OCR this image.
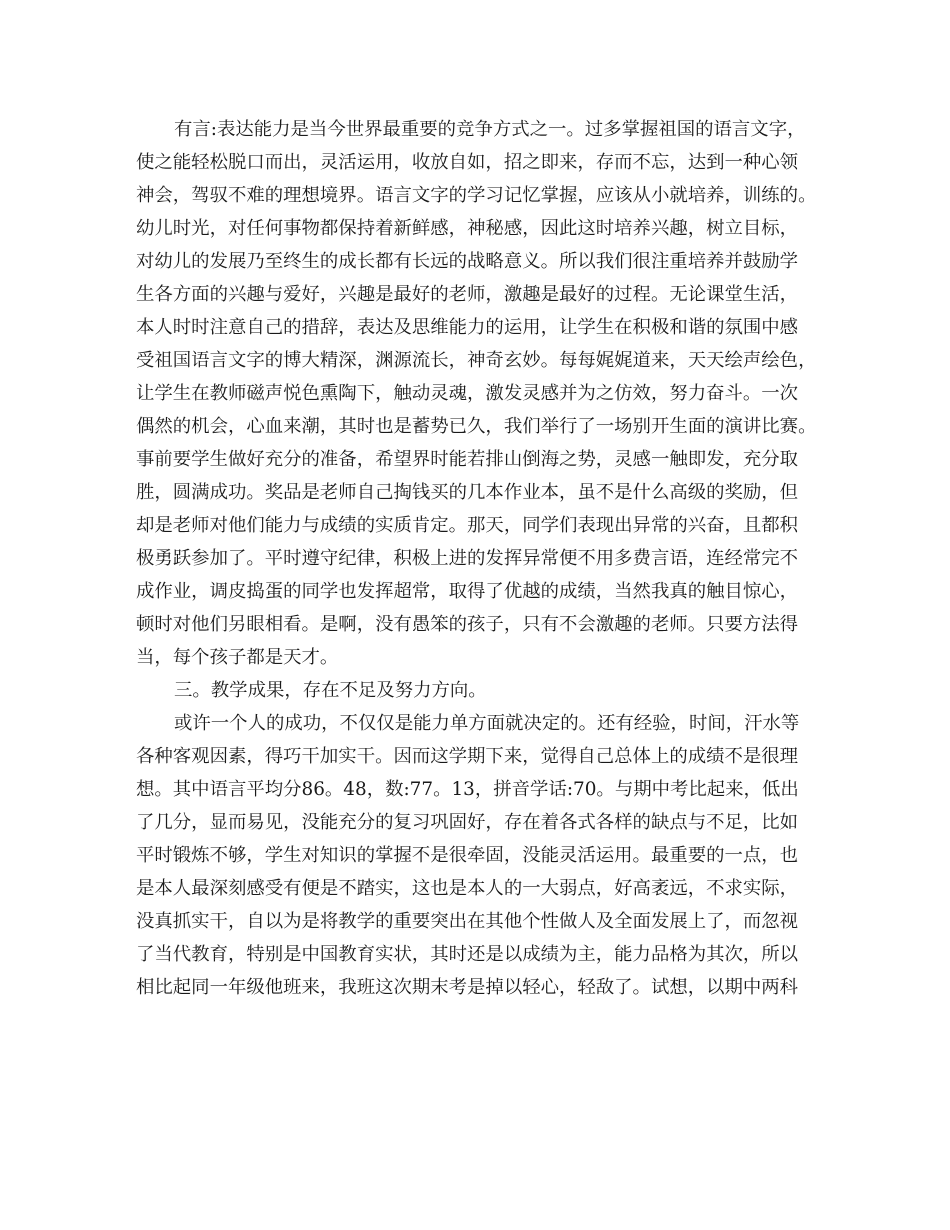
有言:表达能力是当今世界最重要的竞争方式之一。过多掌握祖国的语言文字，
使之能轻松脱口而出，灵活运用，收放自如，招之即来，存而不忘，达到一种心领
神会，驾驭不难的理想境界。语言文字的学习记忆掌握，应该从小就培养，训练的。
幼儿时光，对任何事物都保持着新鲜感，神秘感，因此这时培养兴趣，树立目标，
对幼儿的发展乃至终生的成长都有长远的战略意义。所以我们很注重培养并鼓励学
生各方面的兴趣与爱好，兴趣是最好的老师，激趣是最好的过程。无论课堂生活，
本人时时注意自己的措辞，表达及思维能力的运用，让学生在积极和谐的氛围中感
受祖国语言文字的博大精深，渊源流长，神奇玄妙。每每娓娓道来，天天绘声绘色，
让学生在教师磁声悦色熏陶下，触动灵魂，激发灵感并为之仿效，努力奋斗。一次
偶然的机会，心血来潮，其时也是蓄势已久，我们举行了一场别开生面的演讲比赛。
事前要学生做好充分的准备，希望界时能若排山倒海之势，灵感一触即发，充分取
胜，圆满成功。奖品是老师自己掏钱买的几本作业本，虽不是什么高级的奖励，但
却是老师对他们能力与成绩的实质肯定。那天，同学们表现出异常的兴奋，且都积
极勇跃参加了。平时遵守纪律，积极上进的发挥异常便不用多费言语，连经常完不
成作业，调皮捣蛋的同学也发挥超常，取得了优越的成绩，当然我真的触目惊心，
顿时对他们另眼相看。是啊，没有愚笨的孩子，只有不会激趣的老师。只要方法得
当，每个孩子都是天才。
三。教学成果，存在不足及努力方向。
或许一个人的成功，不仅仅是能力单方面就决定的。还有经验，时间，汗水等
各种客观因素，得巧干加实干。因而这学期下来，觉得自己总体上的成绩不是很理
想。其中语言平均分86。48，数:77。13，拼音学话:70。与期中考比起来，低出
了几分，显而易见，没能充分的复习巩固好，存在着各式各样的缺点与不足，比如
平时锻炼不够，学生对知识的掌握不是很牵固，没能灵活运用。最重要的一点，也
是本人最深刻感受有便是不踏实，这也是本人的一大弱点，好高袤远，不求实际，
没真抓实干，自以为是将教学的重要突出在其他个性做人及全面发展上了，而忽视
了当代教育，特别是中国教育实状，其时还是以成绩为主，能力品格为其次，所以
相比起同一年级他班来，我班这次期末考是掉以轻心，轻敌了。试想，以期中两科
